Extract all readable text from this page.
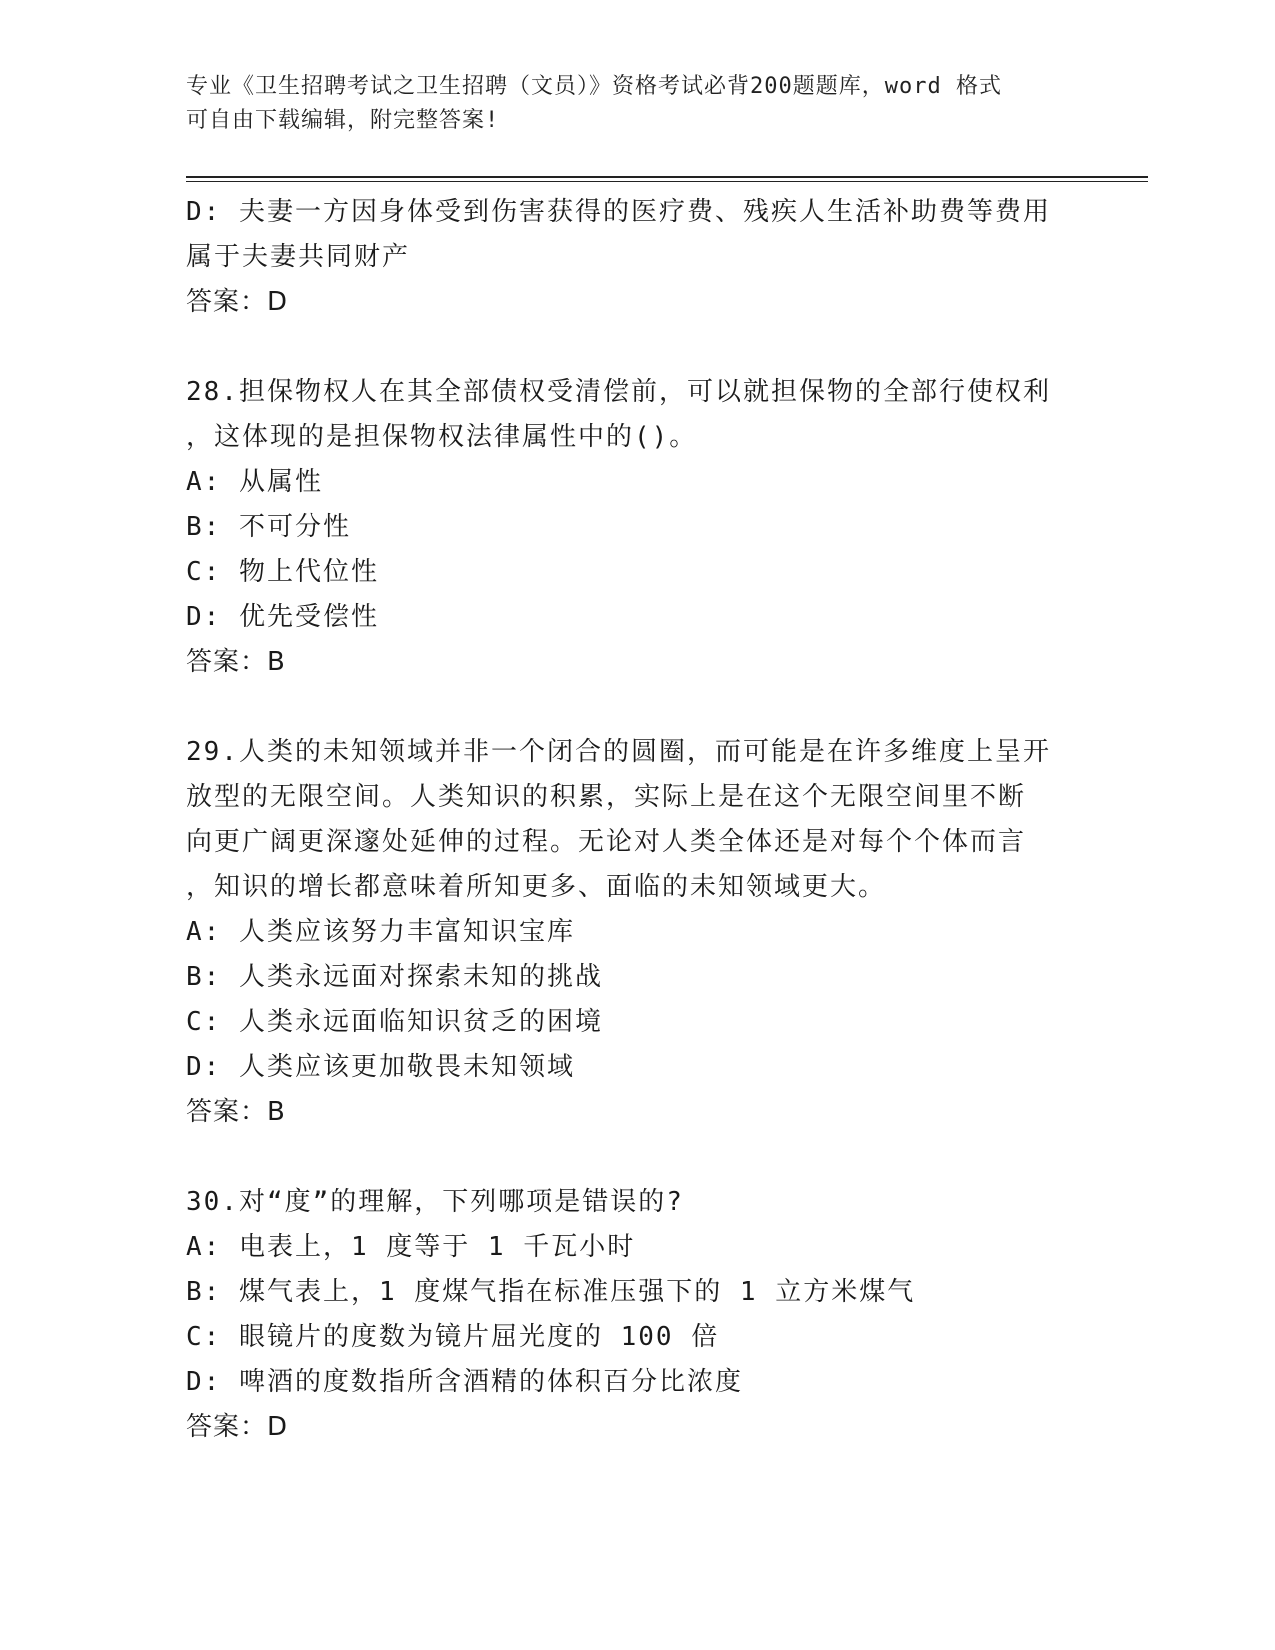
专业《卫生招聘考试之卫生招聘（文员）》资格考试必背200题题库，word 格式
可自由下载编辑，附完整答案!
D: 夫妻一方因身体受到伤害获得的医疗费、残疾人生活补助费等费用
属于夫妻共同财产
答案：D
28.担保物权人在其全部债权受清偿前，可以就担保物的全部行使权利
，这体现的是担保物权法律属性中的()。
A: 从属性
B: 不可分性
C: 物上代位性
D: 优先受偿性
答案：B
29.人类的未知领域并非一个闭合的圆圈，而可能是在许多维度上呈开
放型的无限空间。人类知识的积累，实际上是在这个无限空间里不断
向更广阔更深邃处延伸的过程。无论对人类全体还是对每个个体而言
，知识的增长都意味着所知更多、面临的未知领域更大。
A: 人类应该努力丰富知识宝库
B: 人类永远面对探索未知的挑战
C: 人类永远面临知识贫乏的困境
D: 人类应该更加敬畏未知领域
答案：B
30.对“度”的理解，下列哪项是错误的?
A: 电表上，1 度等于 1 千瓦小时
B: 煤气表上，1 度煤气指在标准压强下的 1 立方米煤气
C: 眼镜片的度数为镜片屈光度的 100 倍
D: 啤酒的度数指所含酒精的体积百分比浓度
答案：D
